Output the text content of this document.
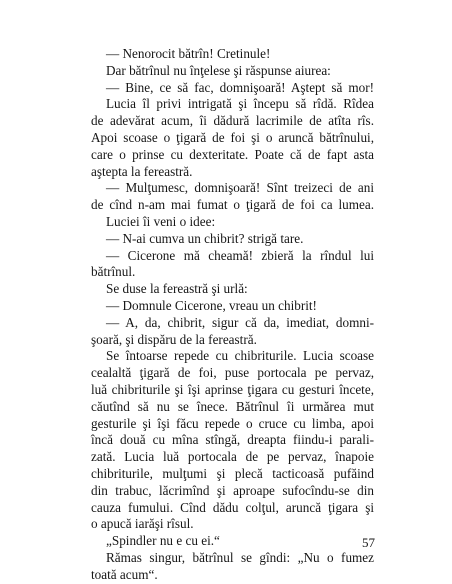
— Nenorocit bătrîn! Cretinule!
Dar bătrînul nu înţelese şi răspunse aiurea:
— Bine, ce să fac, domnişoară! Aştept să mor!
Lucia îl privi intrigată şi începu să rîdă. Rîdea
de adevărat acum, îi dădură lacrimile de atîta rîs.
Apoi scoase o ţigară de foi şi o aruncă bătrînului,
care o prinse cu dexteritate. Poate că de fapt asta
aştepta la fereastră.
— Mulţumesc, domnişoară! Sînt treizeci de ani
de cînd n-am mai fumat o ţigară de foi ca lumea.
Luciei îi veni o idee:
— N-ai cumva un chibrit? strigă tare.
— Cicerone mă cheamă! zbieră la rîndul lui
bătrînul.
Se duse la fereastră şi urlă:
— Domnule Cicerone, vreau un chibrit!
— A, da, chibrit, sigur că da, imediat, domni-
şoară, şi dispăru de la fereastră.
Se întoarse repede cu chibriturile. Lucia scoase
cealaltă ţigară de foi, puse portocala pe pervaz,
luă chibriturile şi îşi aprinse ţigara cu gesturi încete,
căutînd să nu se înece. Bătrînul îi urmărea mut
gesturile şi îşi făcu repede o cruce cu limba, apoi
încă două cu mîna stîngă, dreapta fiindu-i parali-
zată. Lucia luă portocala de pe pervaz, înapoie
chibriturile, mulţumi şi plecă tacticoasă pufăind
din trabuc, lăcrimînd şi aproape sufocîndu-se din
cauza fumului. Cînd dădu colţul, aruncă ţigara şi
o apucă iarăşi rîsul.
„Spindler nu e cu ei.“
Rămas singur, bătrînul se gîndi: „Nu o fumez
toată acum“.
57
